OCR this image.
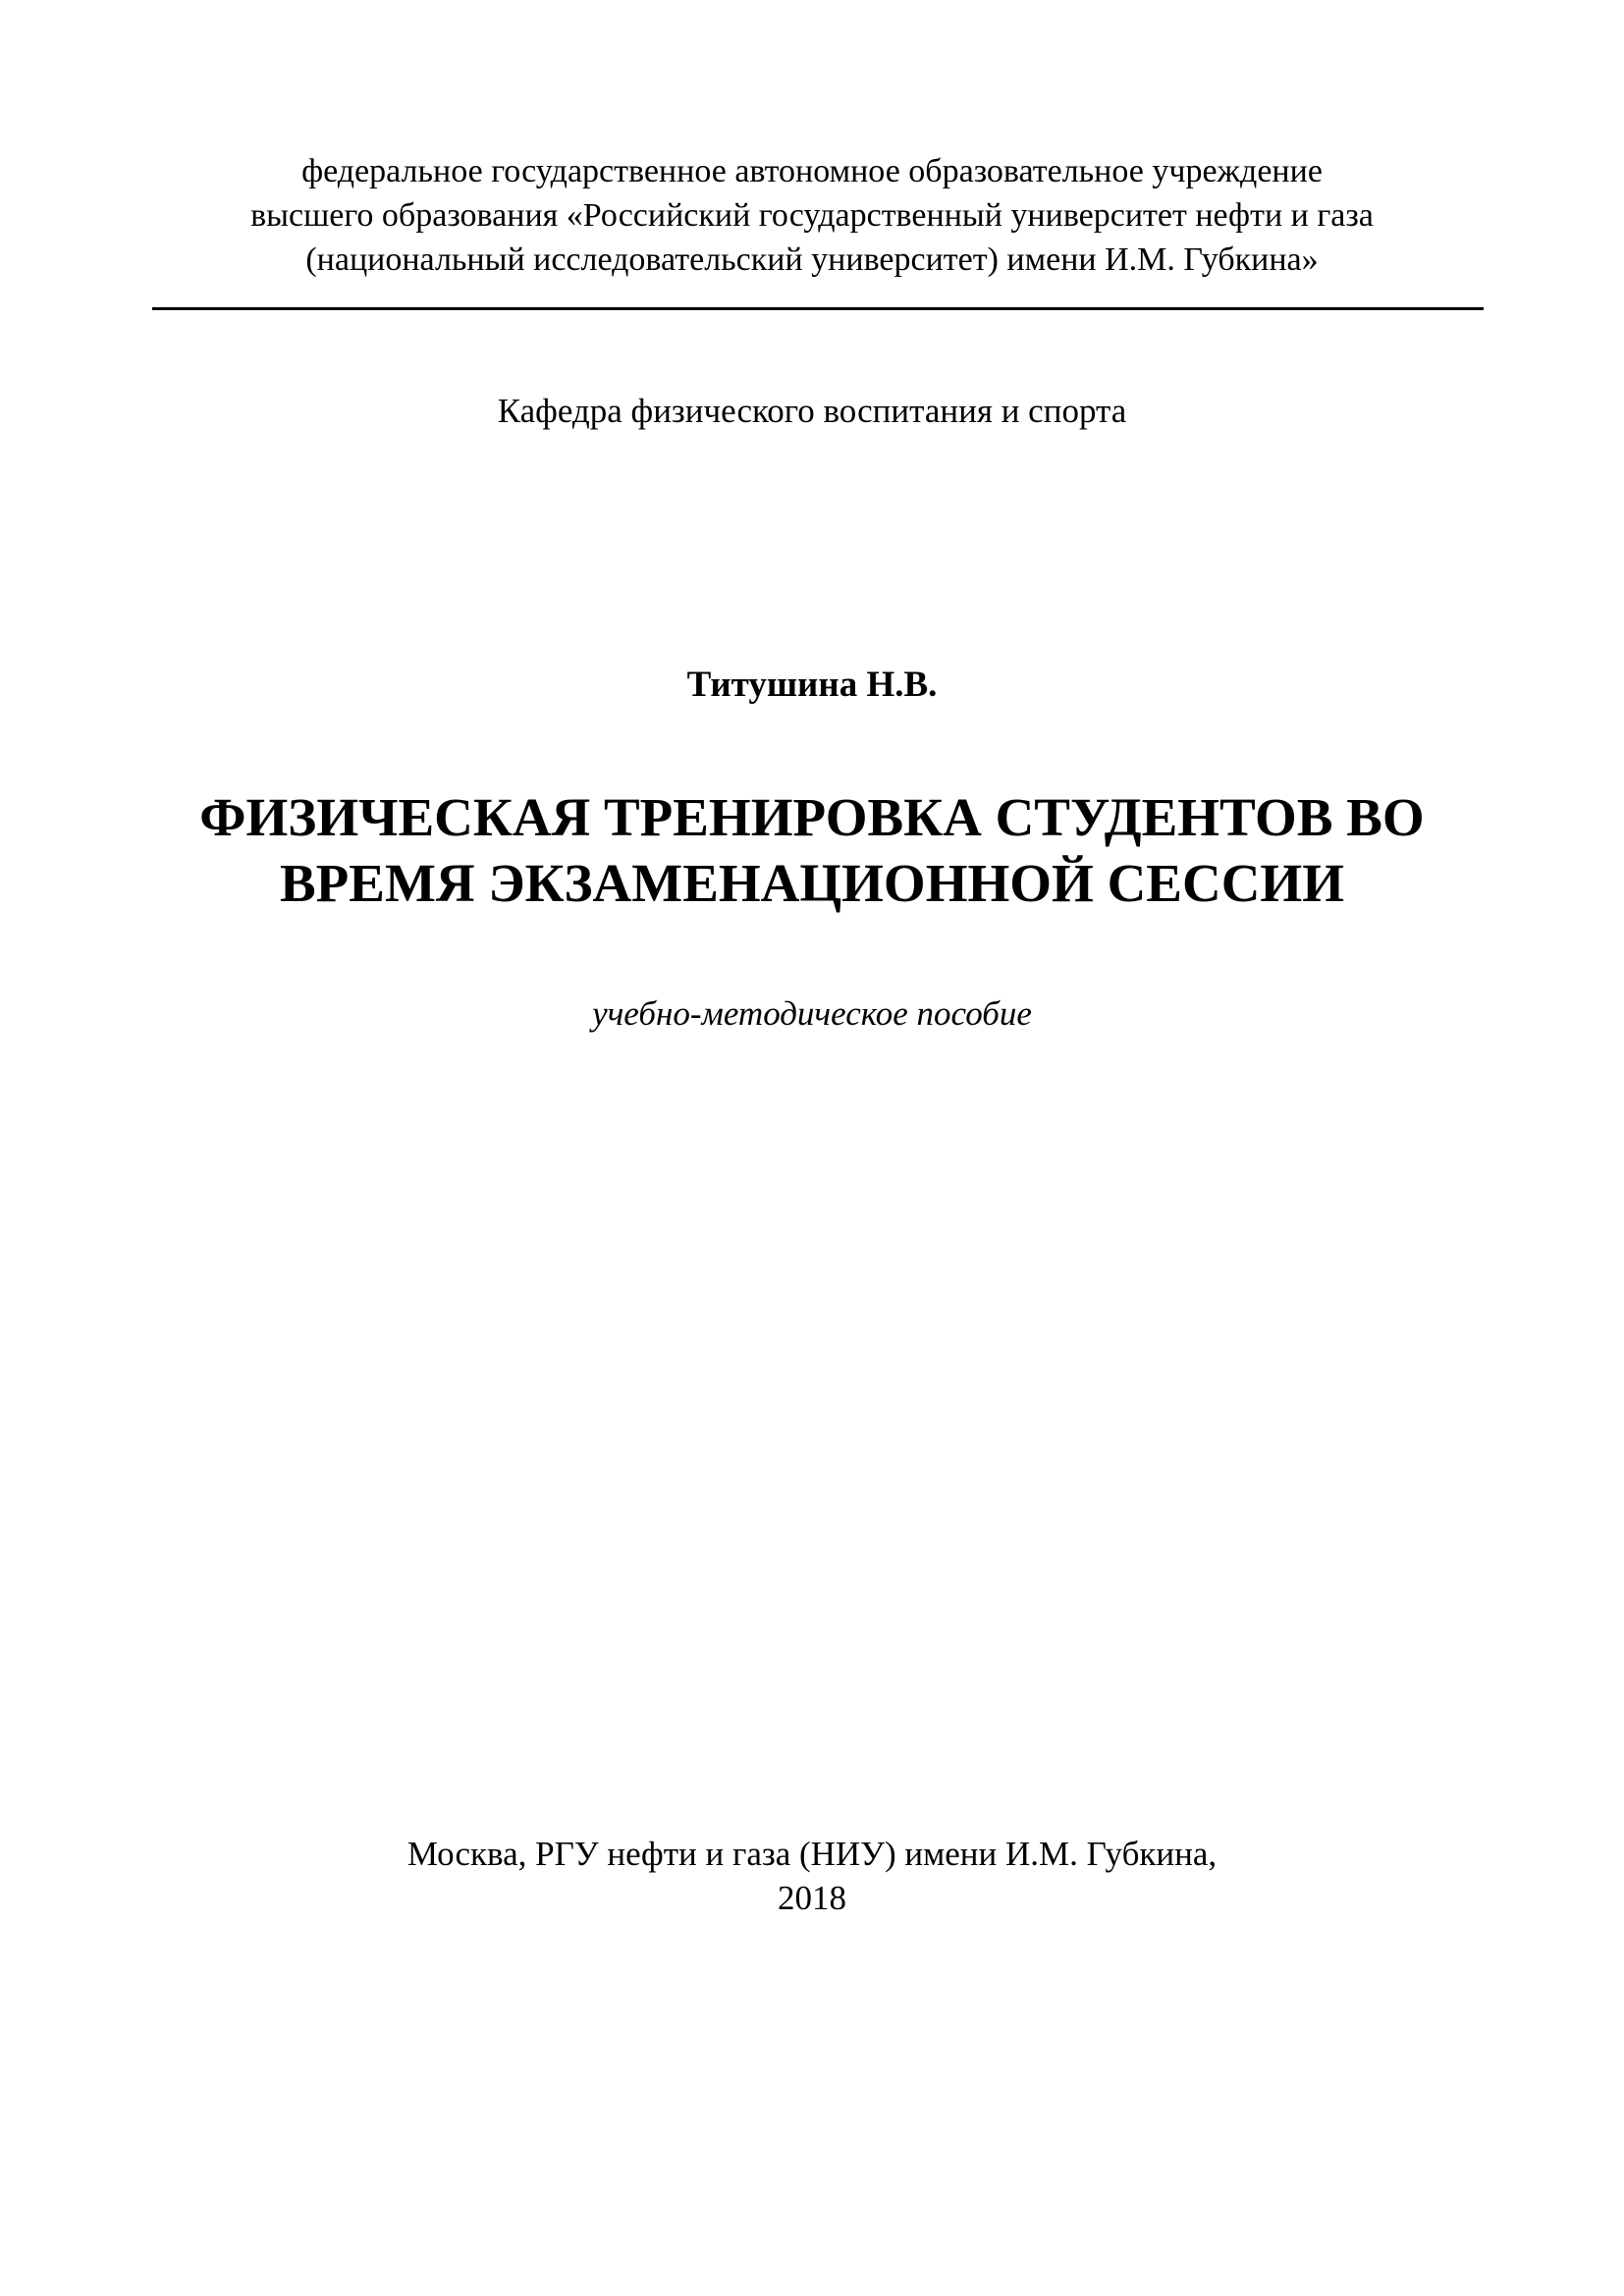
федеральное государственное автономное образовательное учреждение
высшего образования «Российский государственный университет нефти и газа
(национальный исследовательский университет) имени И.М. Губкина»
Кафедра физического воспитания и спорта
Титушина Н.В.
ФИЗИЧЕСКАЯ ТРЕНИРОВКА СТУДЕНТОВ ВО
ВРЕМЯ ЭКЗАМЕНАЦИОННОЙ СЕССИИ
учебно-методическое пособие
Москва, РГУ нефти и газа (НИУ) имени И.М. Губкина,
2018
